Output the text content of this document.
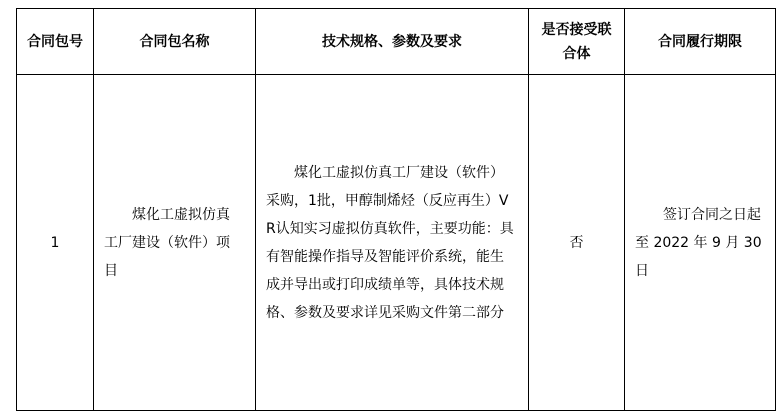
合同包号	合同包名称	技术规格、参数及要求	是否接受联合体	合同履行期限

1	煤化工虚拟仿真工厂建设（软件）项目	煤化工虚拟仿真工厂建设（软件）采购，1批，甲醇制烯烃（反应再生）VR认知实习虚拟仿真软件，主要功能：具有智能操作指导及智能评价系统，能生成并导出或打印成绩单等，具体技术规格、参数及要求详见采购文件第二部分	否	签订合同之日起至 2022 年 9 月 30 日
